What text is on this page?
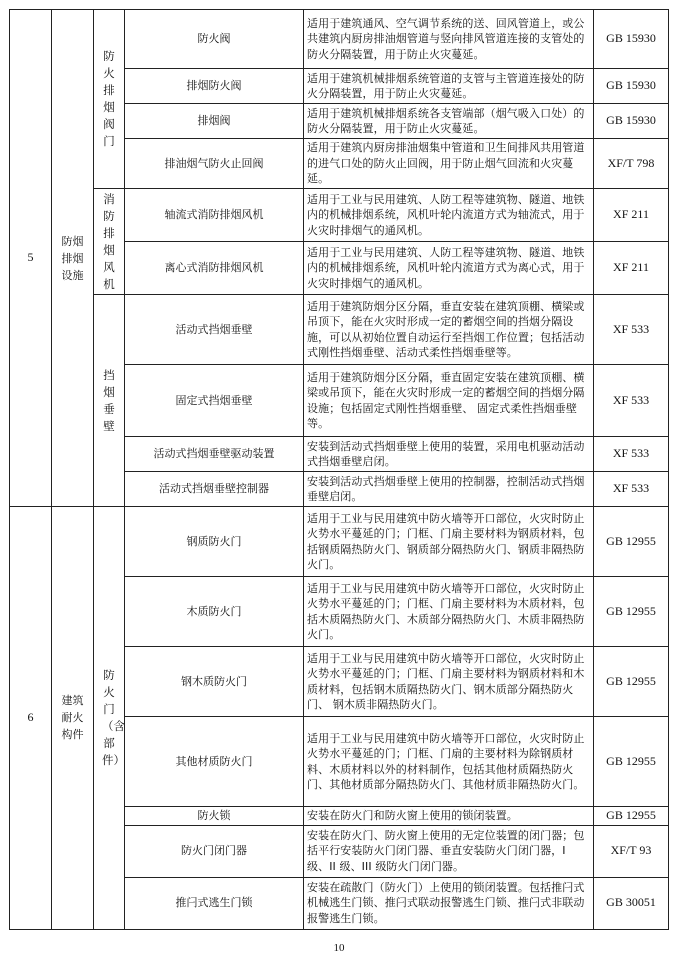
5	防烟
排烟
设施	防火排烟阀门	防火阀	适用于建筑通风、空气调节系统的送、回风管道上，或公共建筑内厨房排油烟管道与竖向排风管道连接的支管处的防火分隔装置，用于防止火灾蔓延。	GB 15930
			排烟防火阀	适用于建筑机械排烟系统管道的支管与主管道连接处的防火分隔装置，用于防止火灾蔓延。	GB 15930
			排烟阀	适用于建筑机械排烟系统各支管端部（烟气吸入口处）的防火分隔装置，用于防止火灾蔓延。	GB 15930
			排油烟气防火止回阀	适用于建筑内厨房排油烟集中管道和卫生间排风共用管道的进气口处的防火止回阀，用于防止烟气回流和火灾蔓延。	XF/T 798
		消防排烟风机	轴流式消防排烟风机	适用于工业与民用建筑、人防工程等建筑物、隧道、地铁内的机械排烟系统，风机叶轮内流道方式为轴流式，用于火灾时排烟气的通风机。	XF 211
			离心式消防排烟风机	适用于工业与民用建筑、人防工程等建筑物、隧道、地铁内的机械排烟系统，风机叶轮内流道方式为离心式，用于火灾时排烟气的通风机。	XF 211
		挡烟垂壁	活动式挡烟垂壁	适用于建筑防烟分区分隔，垂直安装在建筑顶棚、横梁或吊顶下，能在火灾时形成一定的蓄烟空间的挡烟分隔设施，可以从初始位置自动运行至挡烟工作位置；包括活动式刚性挡烟垂壁、活动式柔性挡烟垂壁等。	XF 533
			固定式挡烟垂壁	适用于建筑防烟分区分隔，垂直固定安装在建筑顶棚、横梁或吊顶下，能在火灾时形成一定的蓄烟空间的挡烟分隔设施；包括固定式刚性挡烟垂壁、 固定式柔性挡烟垂壁等。	XF 533
			活动式挡烟垂壁驱动装置	安装到活动式挡烟垂壁上使用的装置，采用电机驱动活动式挡烟垂壁启闭。	XF 533
			活动式挡烟垂壁控制器	安装到活动式挡烟垂壁上使用的控制器，控制活动式挡烟垂壁启闭。	XF 533
6	建筑
耐火
构件	防火门（含部件）	钢质防火门	适用于工业与民用建筑中防火墙等开口部位，火灾时防止火势水平蔓延的门；门框、门扇主要材料为钢质材料，包括钢质隔热防火门、钢质部分隔热防火门、钢质非隔热防火门。	GB 12955
			木质防火门	适用于工业与民用建筑中防火墙等开口部位，火灾时防止火势水平蔓延的门；门框、门扇主要材料为木质材料，包括木质隔热防火门、木质部分隔热防火门、木质非隔热防火门。	GB 12955
			钢木质防火门	适用于工业与民用建筑中防火墙等开口部位，火灾时防止火势水平蔓延的门；门框、门扇主要材料为钢质材料和木质材料，包括钢木质隔热防火门、钢木质部分隔热防火门、 钢木质非隔热防火门。	GB 12955
			其他材质防火门	适用于工业与民用建筑中防火墙等开口部位，火灾时防止火势水平蔓延的门；门框、门扇的主要材料为除钢质材料、木质材料以外的材料制作，包括其他材质隔热防火门、其他材质部分隔热防火门、其他材质非隔热防火门。	GB 12955
			防火锁	安装在防火门和防火窗上使用的锁闭装置。	GB 12955
			防火门闭门器	安装在防火门、防火窗上使用的无定位装置的闭门器；包括平行安装防火门闭门器、垂直安装防火门闭门器，I 级、II 级、III 级防火门闭门器。	XF/T 93
			推闩式逃生门锁	安装在疏散门（防火门）上使用的锁闭装置。包括推闩式机械逃生门锁、推闩式联动报警逃生门锁、推闩式非联动报警逃生门锁。	GB 30051
10
